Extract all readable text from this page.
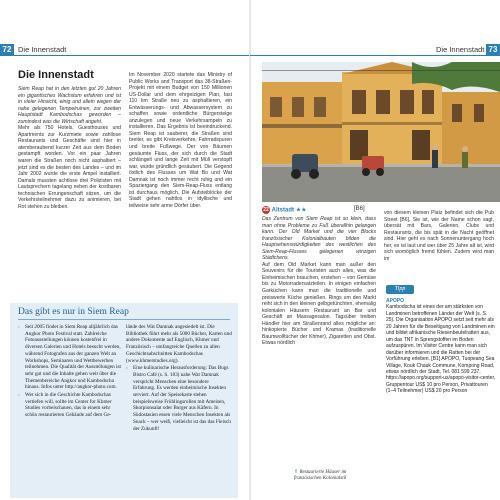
72 Die Innenstadt
Die Innenstadt

Siem Reap hat in den letzten gut 20 Jahren ein gigantisches Wachstum erfahren und ist in vieler Hinsicht, einig und allein wegen der nahe gelegenen Tempelruinen, zur zweiten Hauptstadt Kambodschas geworden – zumindest was die Wirtschaft angeht.

Mehr als 750 Hotels, Guesthouses und Apartments zur Kurzmiete sowie zahllose Restaurants und Geschäfte sind hier in atemberaubend kurzer Zeit aus dem Boden gestampft worden. Vor ein paar Jahren waren die Straßen noch nicht asphaltiert – jetzt sind es die besten des Landes – und im Jahr 2002 wurde die erste Ampel installiert. Damals mussten achtlose drei Polizisten mit Lautsprechern tagelang neben der kostbaren technischen Errungenschaft sitzen, um die Verkehrsteilnehmer dazu zu animieren, bei Rot stehen zu bleiben.

Im November 2020 startete das Ministry of Public Works and Transport das 38-Straßen-Projekt mit einem Budget von 150 Millionen US-Dollar und dem ehrgeizigen Plan, fast 110 km Straße neu zu asphaltieren, ein Entwässerungs- und Abwassersystem zu schaffen sowie ordentliche Bürgersteige anzulegen und neue Verkehrsampeln zu installieren. Das Ergebnis ist beeindruckend. Siem Reap ist sauberer, die Straßen sind breiter, es gibt Kreisverkehre, Fahrradspuren und breite Fußwege. Der von Bäumen gesäumte Fluss, der sich durch die Stadt schlängelt und lange Zeit mit Müll verstopft war, wurde gründlich gesäubert. Die Gegend östlich des Flusses um Wat Bo und Wat Damnak ist noch immer recht ruhig und ein Spaziergang den Siem-Reap-Fluss entlang ist durchaus möglich. Die Aufsteiblöcke der Stadt gehen nahtlos in idyllische und teilweise sehr arme Dörfer über.

Das gibt es nur in Siem Reap
› Seit 2005 findet in Siem Reap alljährlich das Angkor Photo Festival statt. Zahlreiche Fotoausstellungen können kostenfrei in diversen Galerien und Hotels besucht werden, während Fotografen aus der ganzen Welt an Workshops, Seminaren und Wettbewerben teilnehmen. Die Qualität der Ausstellungen ist sehr gut und die Inhalte gehen weit über die Themenbereiche Angkor und Kambodscha hinaus. Infos unter http://angkor-photo.com.
› Wer sich in die Geschichte Kambodschas vertiefen will, sollte im Center for Khmer Studies vorbeischauen, das in einem sehr schön restaurierten Gebäude auf dem Ge-
lände des Wat Damnak angesiedelt ist. Die Bibliothek führt mehr als 5000 Bücher, Karten und andere Dokumente auf Englisch, Khmer und Französisch – umfangreiche Quellen zu allen Geschichtsabschnitten Kambodschas (www.khmerstudies.org).
› Eine kulinarische Herausforderung: Das Bugs Bistro Café (s. S. 183) nahe Wat Damnak verspricht Menschen eine besondere Erfahrung. Es werden einheimische Insekten serviert. Auf der Speisekarte stehen beispielsweise Frühlingsrollen mit Ameisen, Skorpionsalat oder Burger aus Käfern. In Südostasien essen viele Menschen Insekten als Snack – wer weiß, vielleicht ist das das Fleisch der Zukunft!
Die Innenstadt 73
22 Altstadt ★★	[B6]

Das Zentrum von Siem Reap ist so klein, dass man ohne Probleme zu Fuß überallhin gelangen kann. Der Old Market und die vier Blocks französischer Kolonialbauten bilden die Hauptsehenswürdigkeiten des westlichen des Siem-Reap-Flusses gelegenen winzigen Städtchens.

Auf dem Old Market kann man außer den Souvenirs für die Touristen auch alles, was die Einheimischen brauchen, erstehen – von Gemüse bis zu Motorradersatzteilen. In einigen einfachen Garküchen kann man die traditionelle und preiswerte Küche genießen. Rings um den Markt reiht sich in den kleinen gelbgetünchten, ehemalig kolonialen Häusern Restaurant an Bar und Geschäft an Massagesalon. Tagsüber treiben Händler hier am Straßenrand alles mögliche an: hinkopierte Bücher und Kramas (traditionelle Baumwolltücher der Khmer), Zigaretten und Obst. Etwas nördlich

⇑ Restaurierte Häuser im französischen Kolonialstil

von diesem kleinen Platz befindet sich die Pub Street [B6]. Sie ist, wie der Name schon sagt, übersät mit Bars, Galerien, Clubs und Restaurants, die bis spät in die Nacht geöffnet sind. Hier geht es nach Sonnenuntergang hoch her, es ist laut und wer über 25 Jahre alt ist, wird sich womöglich fremd fühlen. Zudem wird man im

Tipp
APOPO
Kambodscha ist eines der am stärksten von Landminen betroffenen Länder der Welt (s. S. 25). Die Organisation APOPO setzt seit mehr als 20 Jahren für die Beseitigung von Landminen ein und bildet afrikanische Riesenbeutelratten aus, um das TNT in Sprengstoffen im Boden aufzuspüren. Im Visitor Centre kann man sich darüber informieren und die Ratten bei der Vorführung erleben. [B1] APOPO, Tuopeang Sea Village, Kouk Chauk Commune, Kompong Road, etwas nördlich der Stadt, Tel. 081 599 237, https://apopo.org/support-us/apopo-visitor-center, Gruppentour US$ 10 pro Person, Privattouren (1–4 Teilnehmer) US$ 20 pro Person
